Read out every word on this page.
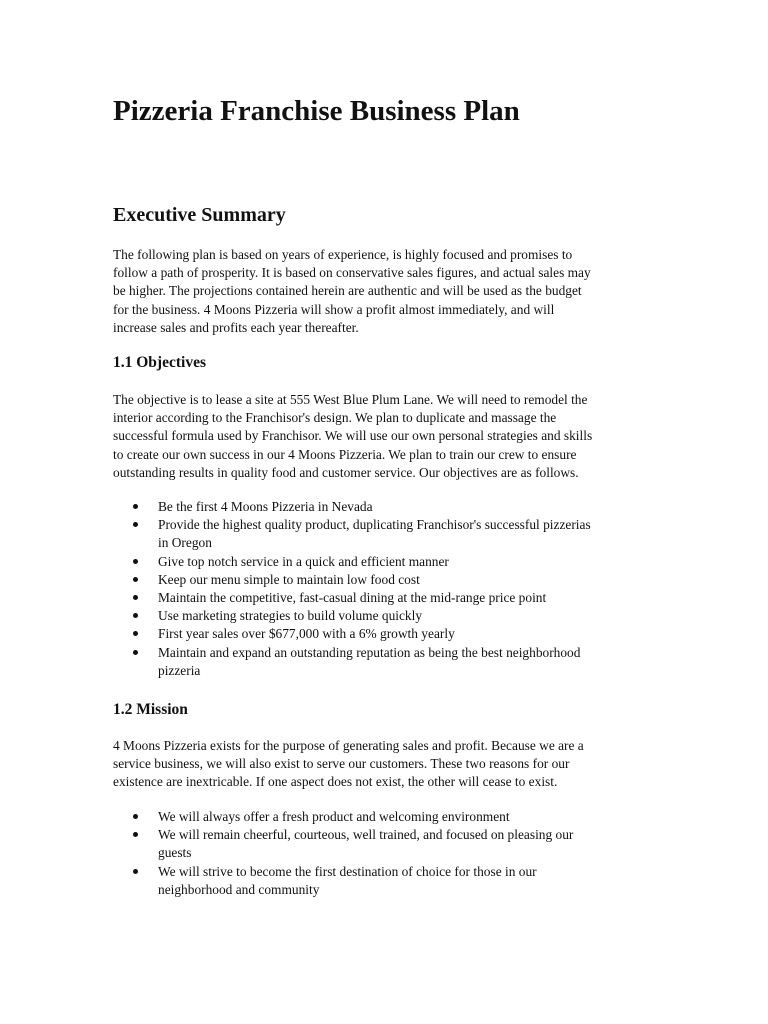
Pizzeria Franchise Business Plan
Executive Summary

The following plan is based on years of experience, is highly focused and promises to
follow a path of prosperity. It is based on conservative sales figures, and actual sales may
be higher. The projections contained herein are authentic and will be used as the budget
for the business. 4 Moons Pizzeria will show a profit almost immediately, and will
increase sales and profits each year thereafter.

1.1 Objectives

The objective is to lease a site at 555 West Blue Plum Lane. We will need to remodel the
interior according to the Franchisor's design. We plan to duplicate and massage the
successful formula used by Franchisor. We will use our own personal strategies and skills
to create our own success in our 4 Moons Pizzeria. We plan to train our crew to ensure
outstanding results in quality food and customer service. Our objectives are as follows.

Be the first 4 Moons Pizzeria in Nevada
Provide the highest quality product, duplicating Franchisor's successful pizzerias
in Oregon
Give top notch service in a quick and efficient manner
Keep our menu simple to maintain low food cost
Maintain the competitive, fast-casual dining at the mid-range price point
Use marketing strategies to build volume quickly
First year sales over $677,000 with a 6% growth yearly
Maintain and expand an outstanding reputation as being the best neighborhood
pizzeria
1.2 Mission

4 Moons Pizzeria exists for the purpose of generating sales and profit. Because we are a
service business, we will also exist to serve our customers. These two reasons for our
existence are inextricable. If one aspect does not exist, the other will cease to exist.

We will always offer a fresh product and welcoming environment
We will remain cheerful, courteous, well trained, and focused on pleasing our
guests
We will strive to become the first destination of choice for those in our
neighborhood and community
